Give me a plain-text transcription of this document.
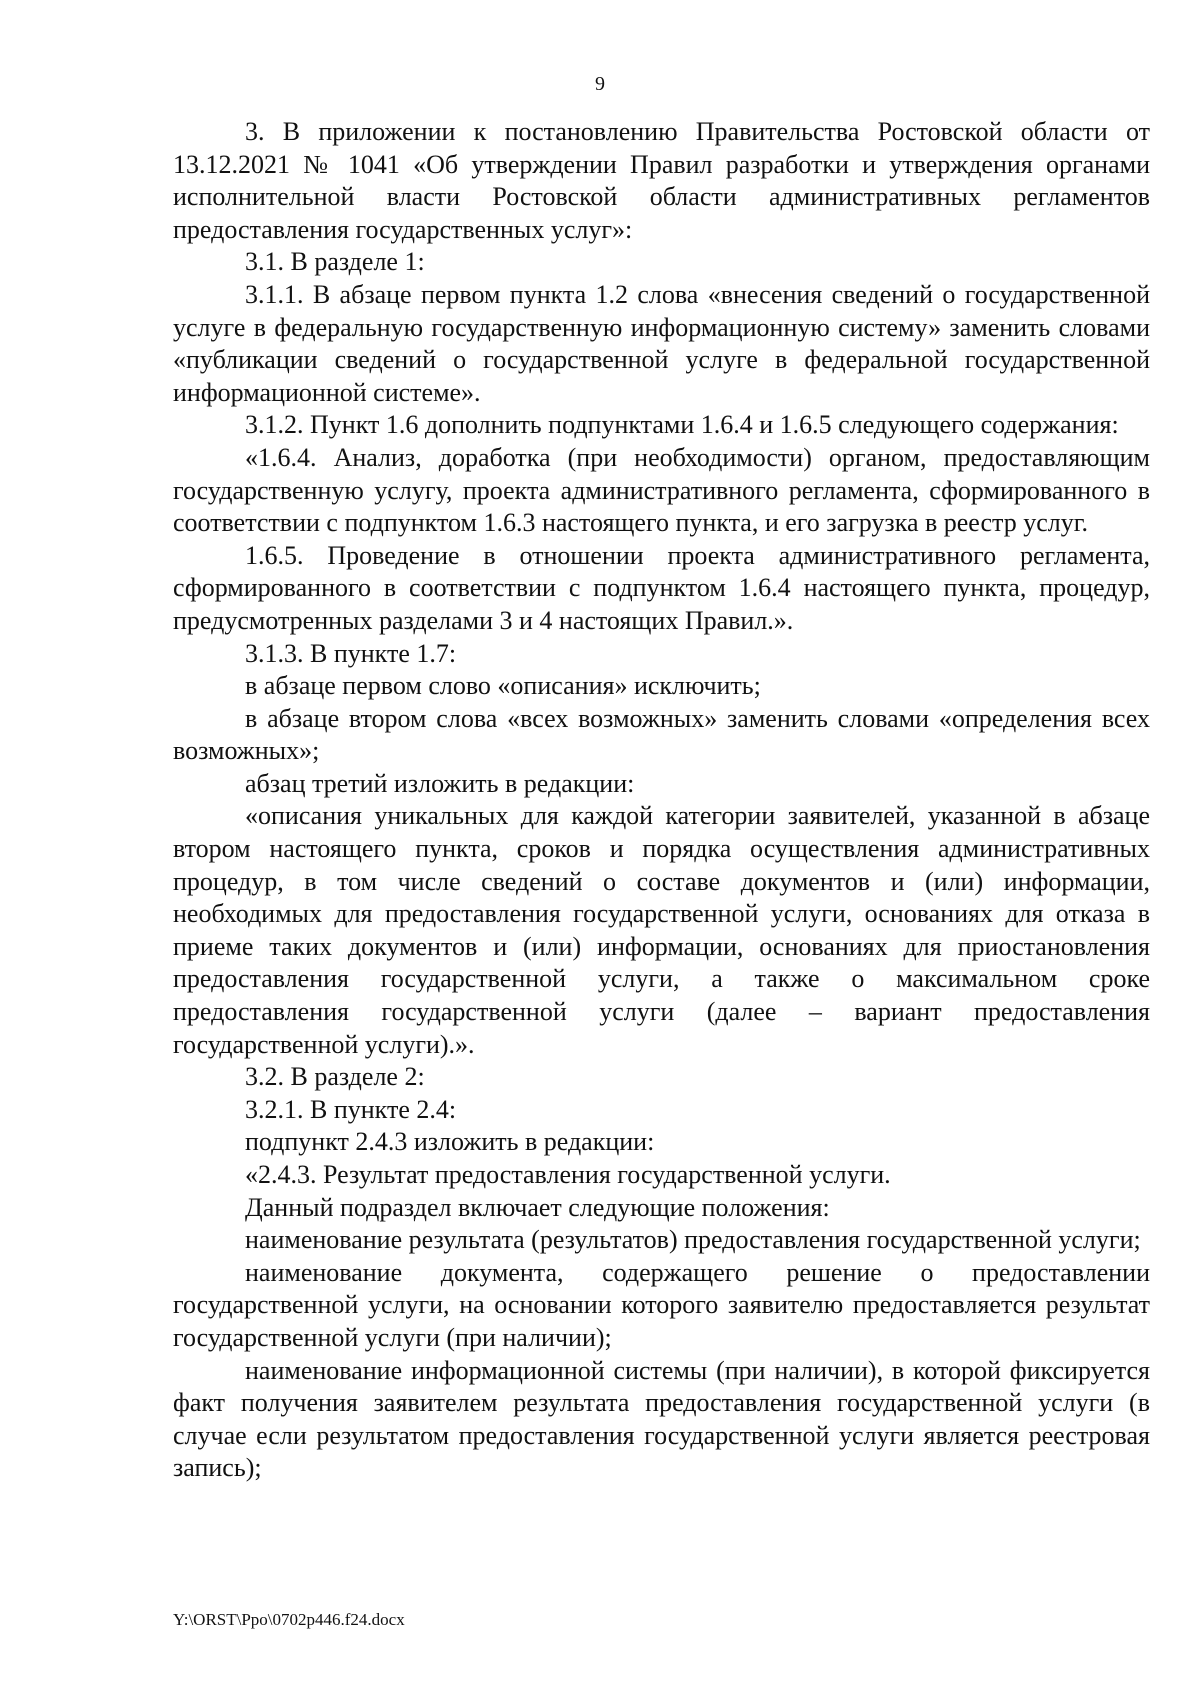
9

3. В приложении к постановлению Правительства Ростовской области от 13.12.2021 № 1041 «Об утверждении Правил разработки и утверждения органами исполнительной власти Ростовской области административных регламентов предоставления государственных услуг»:

3.1. В разделе 1:

3.1.1. В абзаце первом пункта 1.2 слова «внесения сведений о государственной услуге в федеральную государственную информационную систему» заменить словами «публикации сведений о государственной услуге в федеральной государственной информационной системе».

3.1.2. Пункт 1.6 дополнить подпунктами 1.6.4 и 1.6.5 следующего содержания:

«1.6.4. Анализ, доработка (при необходимости) органом, предоставляющим государственную услугу, проекта административного регламента, сформированного в соответствии с подпунктом 1.6.3 настоящего пункта, и его загрузка в реестр услуг.

1.6.5. Проведение в отношении проекта административного регламента, сформированного в соответствии с подпунктом 1.6.4 настоящего пункта, процедур, предусмотренных разделами 3 и 4 настоящих Правил.».

3.1.3. В пункте 1.7:

в абзаце первом слово «описания» исключить;

в абзаце втором слова «всех возможных» заменить словами «определения всех возможных»;

абзац третий изложить в редакции:

«описания уникальных для каждой категории заявителей, указанной в абзаце втором настоящего пункта, сроков и порядка осуществления административных процедур, в том числе сведений о составе документов и (или) информации, необходимых для предоставления государственной услуги, основаниях для отказа в приеме таких документов и (или) информации, основаниях для приостановления предоставления государственной услуги, а также о максимальном сроке предоставления государственной услуги (далее – вариант предоставления государственной услуги).».

3.2. В разделе 2:

3.2.1. В пункте 2.4:

подпункт 2.4.3 изложить в редакции:

«2.4.3. Результат предоставления государственной услуги.

Данный подраздел включает следующие положения:

наименование результата (результатов) предоставления государственной услуги;

наименование документа, содержащего решение о предоставлении государственной услуги, на основании которого заявителю предоставляется результат государственной услуги (при наличии);

наименование информационной системы (при наличии), в которой фиксируется факт получения заявителем результата предоставления государственной услуги (в случае если результатом предоставления государственной услуги является реестровая запись);

Y:\ORST\Ppo\0702p446.f24.docx
